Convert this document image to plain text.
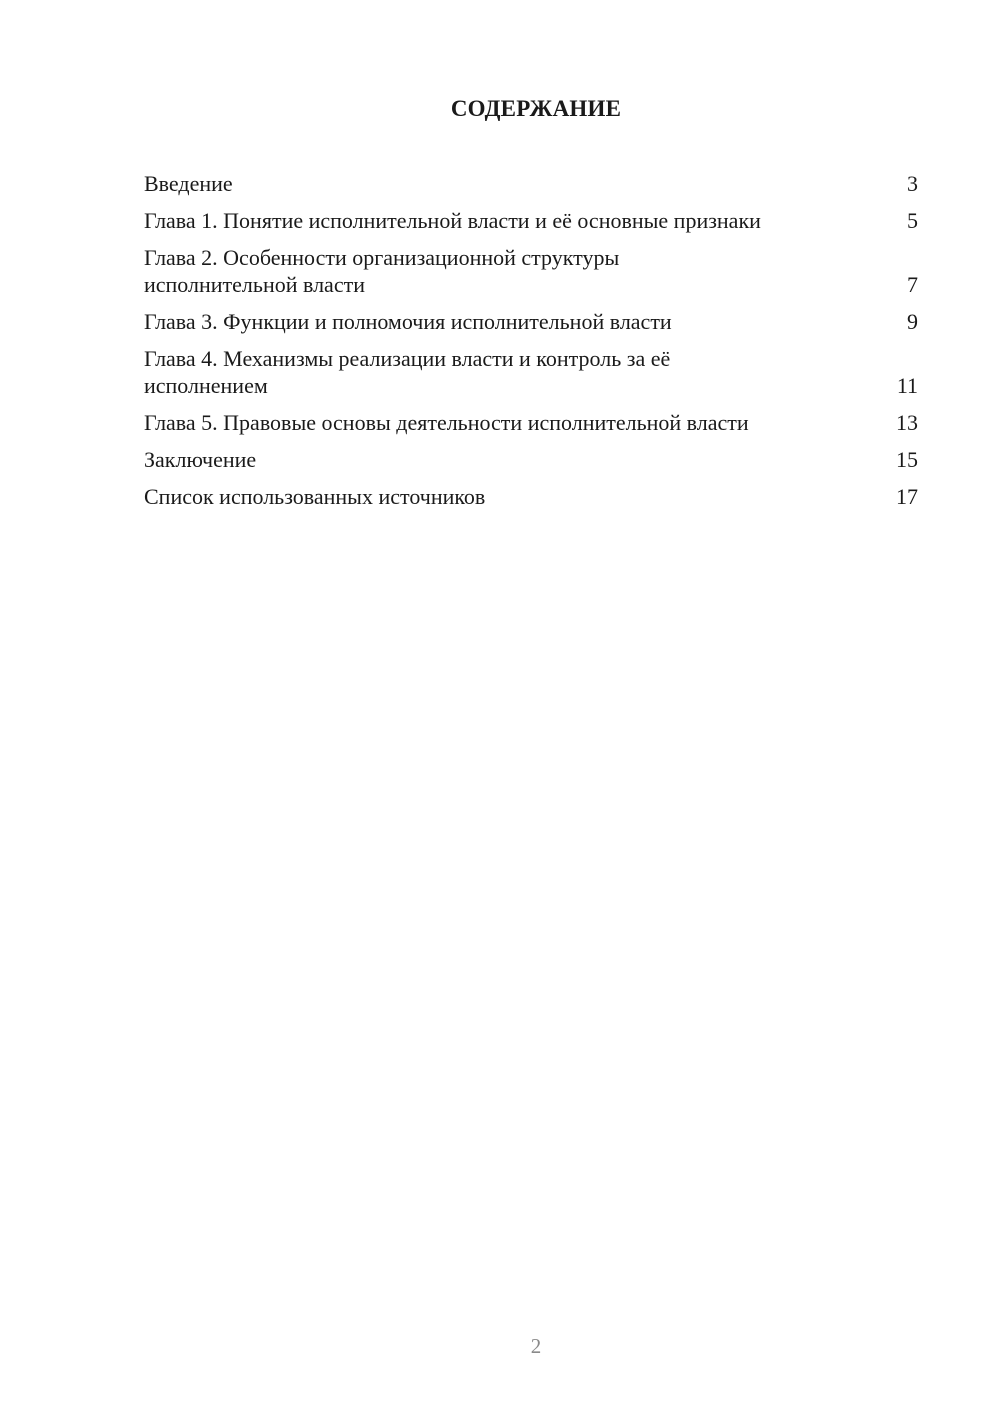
СОДЕРЖАНИЕ
Введение	3
Глава 1. Понятие исполнительной власти и её основные признаки	5
Глава 2. Особенности организационной структуры исполнительной власти	7
Глава 3. Функции и полномочия исполнительной власти	9
Глава 4. Механизмы реализации власти и контроль за её исполнением	11
Глава 5. Правовые основы деятельности исполнительной власти	13
Заключение	15
Список использованных источников	17
2
